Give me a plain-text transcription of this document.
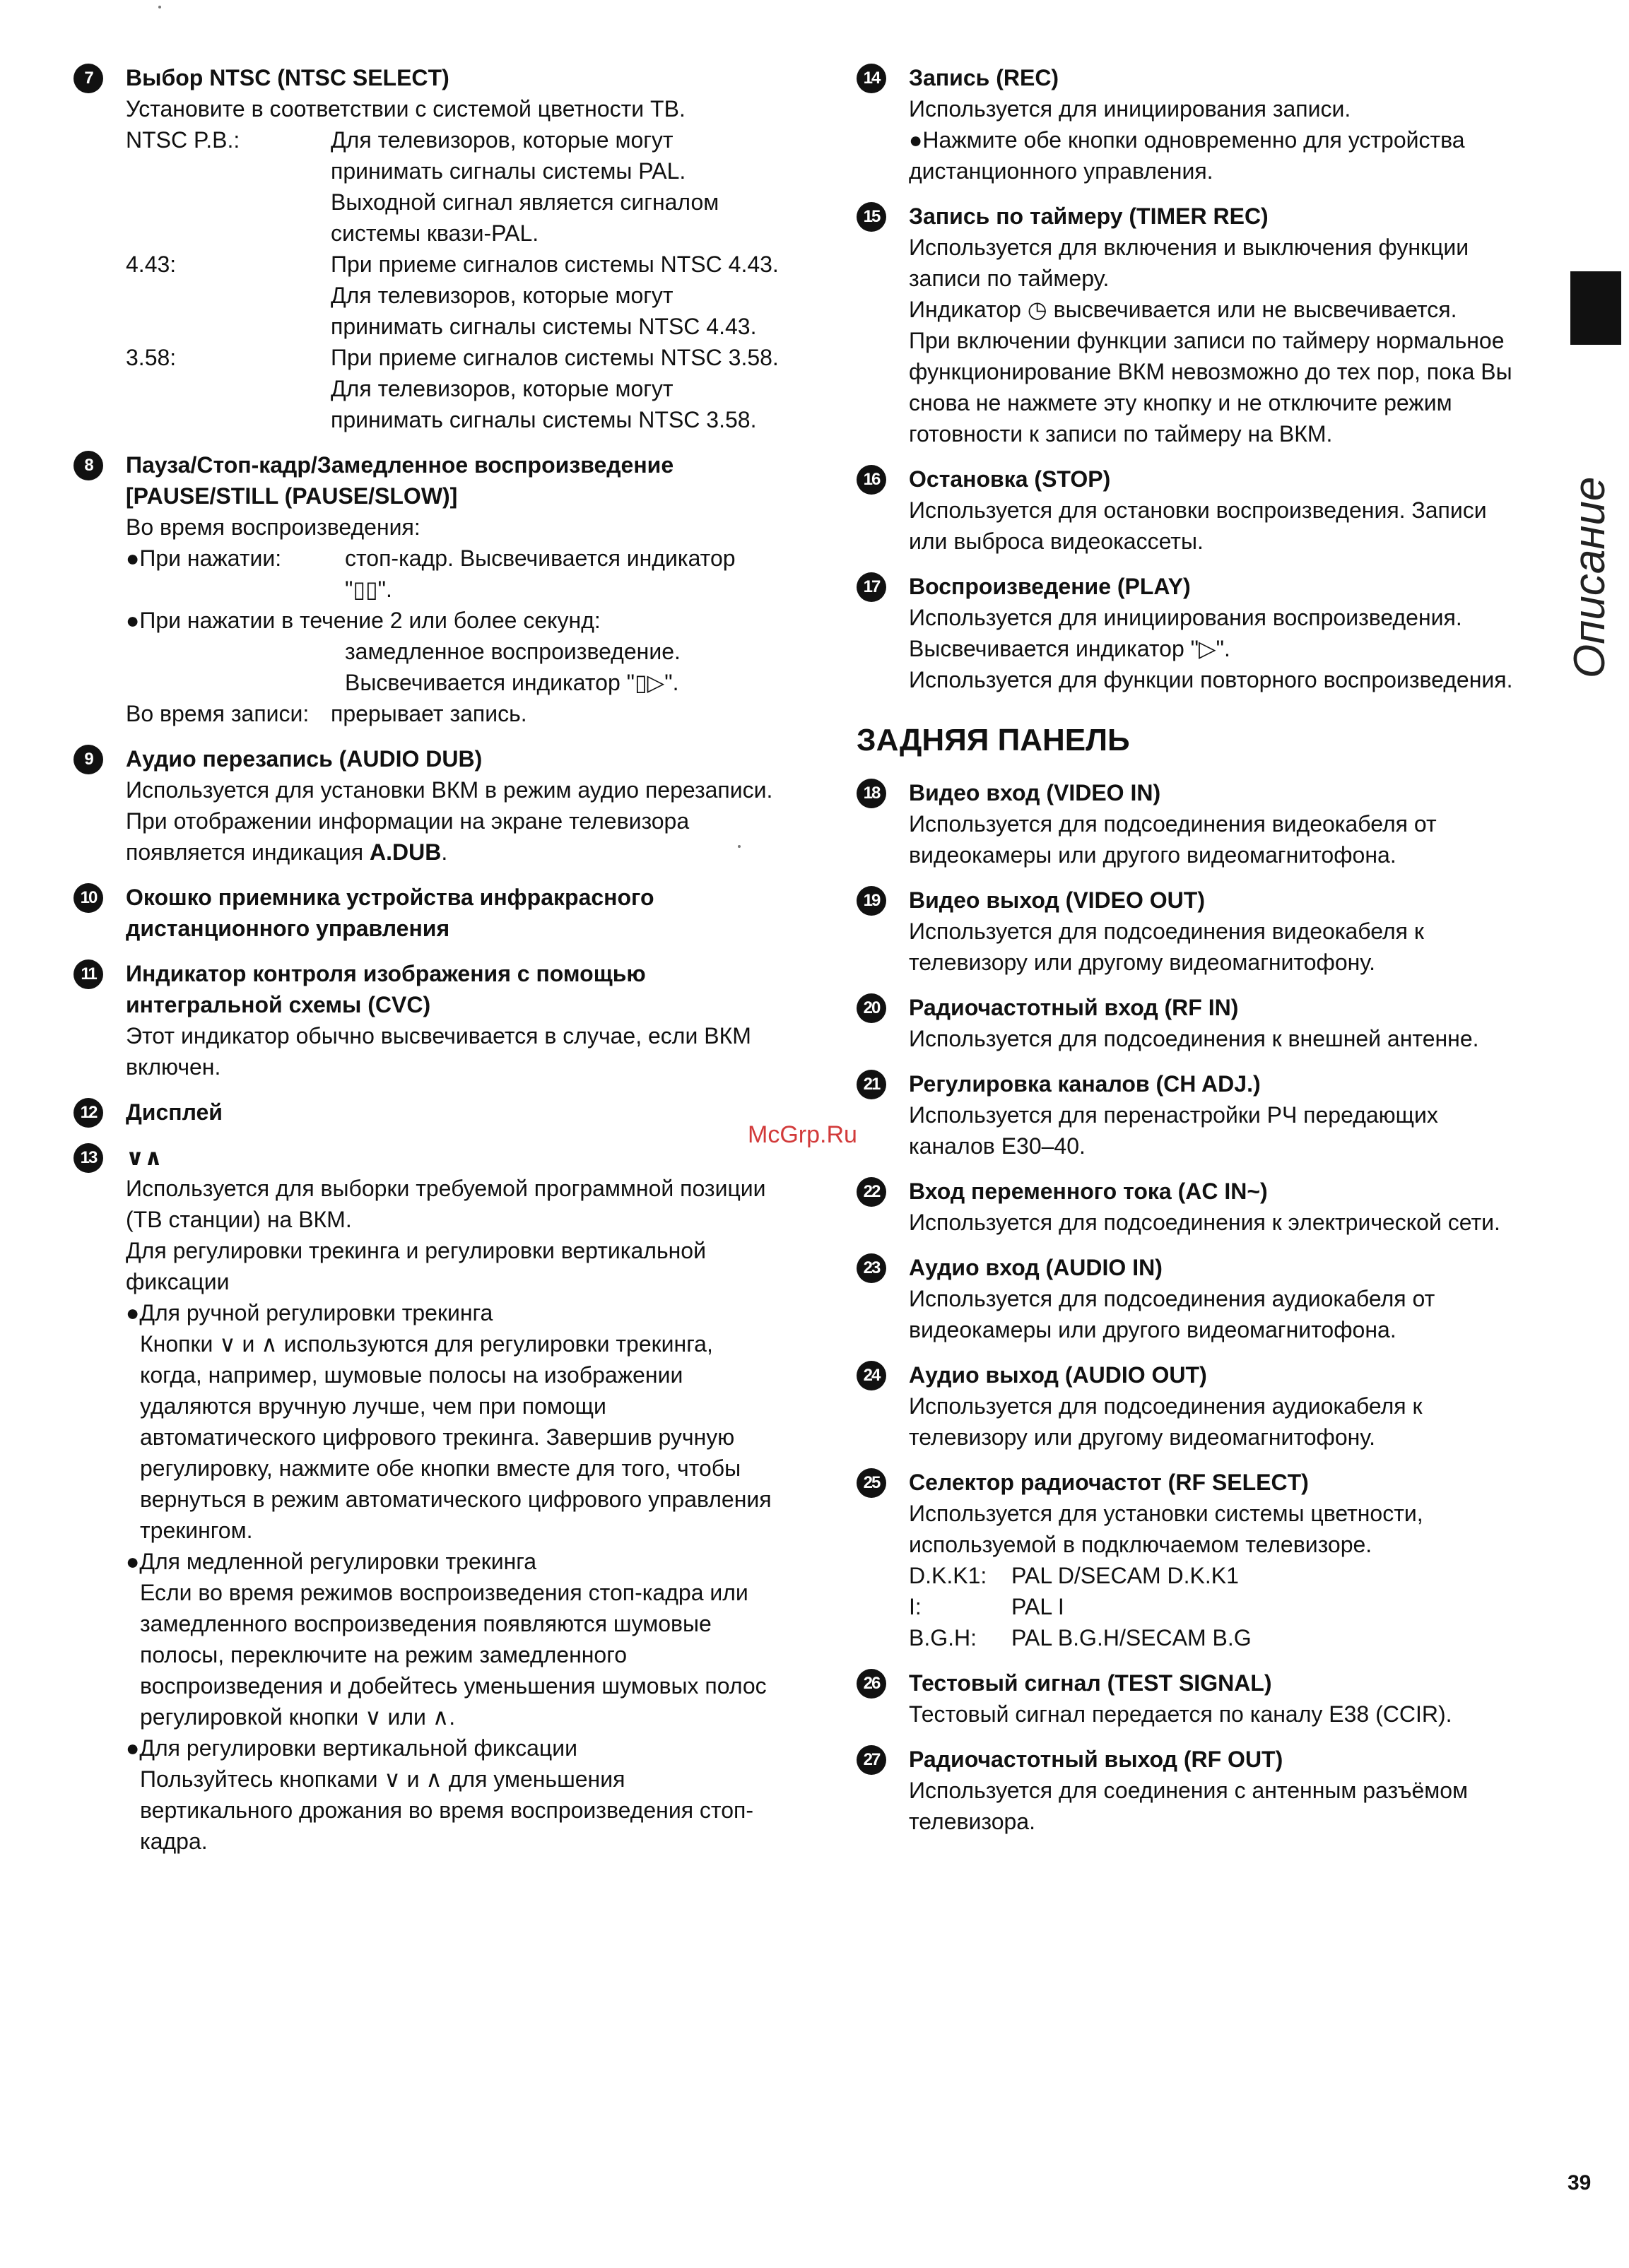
Описание
7	Выбор NTSC (NTSC SELECT)

Установите в соответствии с системой цветности ТВ.

NTSC P.B.:	Для телевизоров, которые могут принимать сигналы системы PAL.

Выходной сигнал является сигналом системы квази-PAL.

4.43:	При приеме сигналов системы NTSC 4.43.

Для телевизоров, которые могут принимать сигналы системы NTSC 4.43.

3.58:	При приеме сигналов системы NTSC 3.58.

Для телевизоров, которые могут принимать сигналы системы NTSC 3.58.

8	Пауза/Стоп-кадр/Замедленное воспроизведение [PAUSE/STILL (PAUSE/SLOW)]

Во время воспроизведения:

●При нажатии:	стоп-кадр. Высвечивается индикатор "▯▯".

●При нажатии в течение 2 или более секунд:

замедленное воспроизведение. Высвечивается индикатор "▯▷".

Во время записи: прерывает запись.
9	Аудио перезапись (AUDIO DUB)

Используется для установки ВКМ в режим аудио перезаписи.

При отображении информации на экране телевизора появляется индикация A.DUB.

10	Окошко приемника устройства инфракрасного дистанционного управления

11	Индикатор контроля изображения с помощью интегральной схемы (CVC)

Этот индикатор обычно высвечивается в случае, если ВКМ включен.

12	Дисплей

13	∨∧

Используется для выборки требуемой программной позиции (ТВ станции) на ВКМ.

Для регулировки трекинга и регулировки вертикальной фиксации

●Для ручной регулировки трекинга

Кнопки ∨ и ∧ используются для регулировки трекинга, когда, например, шумовые полосы на изображении удаляются вручную лучше, чем при помощи автоматического цифрового трекинга. Завершив ручную регулировку, нажмите обе кнопки вместе для того, чтобы вернуться в режим автоматического цифрового управления трекингом.

●Для медленной регулировки трекинга

Если во время режимов воспроизведения стоп-кадра или замедленного воспроизведения появляются шумовые полосы, переключите на режим замедленного воспроизведения и добейтесь уменьшения шумовых полос регулировкой кнопки ∨ или ∧.

●Для регулировки вертикальной фиксации

Пользуйтесь кнопками ∨ и ∧ для уменьшения вертикального дрожания во время воспроизведения стоп-кадра.

14	Запись (REC)

Используется для инициирования записи.

●Нажмите обе кнопки одновременно для устройства дистанционного управления.

15	Запись по таймеру (TIMER REC)

Используется для включения и выключения функции записи по таймеру.

Индикатор ◷ высвечивается или не высвечивается.

При включении функции записи по таймеру нормальное функционирование ВКМ невозможно до тех пор, пока Вы снова не нажмете эту кнопку и не отключите режим готовности к записи по таймеру на ВКМ.

16	Остановка (STOP)

Используется для остановки воспроизведения. Записи или выброса видеокассеты.

17	Воспроизведение (PLAY)

Используется для инициирования воспроизведения.

Высвечивается индикатор "▷".

Используется для функции повторного воспроизведения.

ЗАДНЯЯ ПАНЕЛЬ
18	Видео вход (VIDEO IN)

Используется для подсоединения видеокабеля от видеокамеры или другого видеомагнитофона.

19	Видео выход (VIDEO OUT)

Используется для подсоединения видеокабеля к телевизору или другому видеомагнитофону.

20	Радиочастотный вход (RF IN)

Используется для подсоединения к внешней антенне.

21	Регулировка каналов (CH ADJ.)

Используется для перенастройки РЧ передающих каналов Е30–40.

22	Вход переменного тока (AC IN~)

Используется для подсоединения к электрической сети.

23	Аудио вход (AUDIO IN)

Используется для подсоединения аудиокабеля от видеокамеры или другого видеомагнитофона.

24	Аудио выход (AUDIO OUT)

Используется для подсоединения аудиокабеля к телевизору или другому видеомагнитофону.

25	Селектор радиочастот (RF SELECT)

Используется для установки системы цветности, используемой в подключаемом телевизоре.

D.K.K1:	PAL D/SECAM D.K.K1
I:	PAL I
B.G.H:	PAL B.G.H/SECAM B.G
26	Тестовый сигнал (TEST SIGNAL)

Тестовый сигнал передается по каналу Е38 (CCIR).

27	Радиочастотный выход (RF OUT)

Используется для соединения с антенным разъёмом телевизора.

McGrp.Ru
39
